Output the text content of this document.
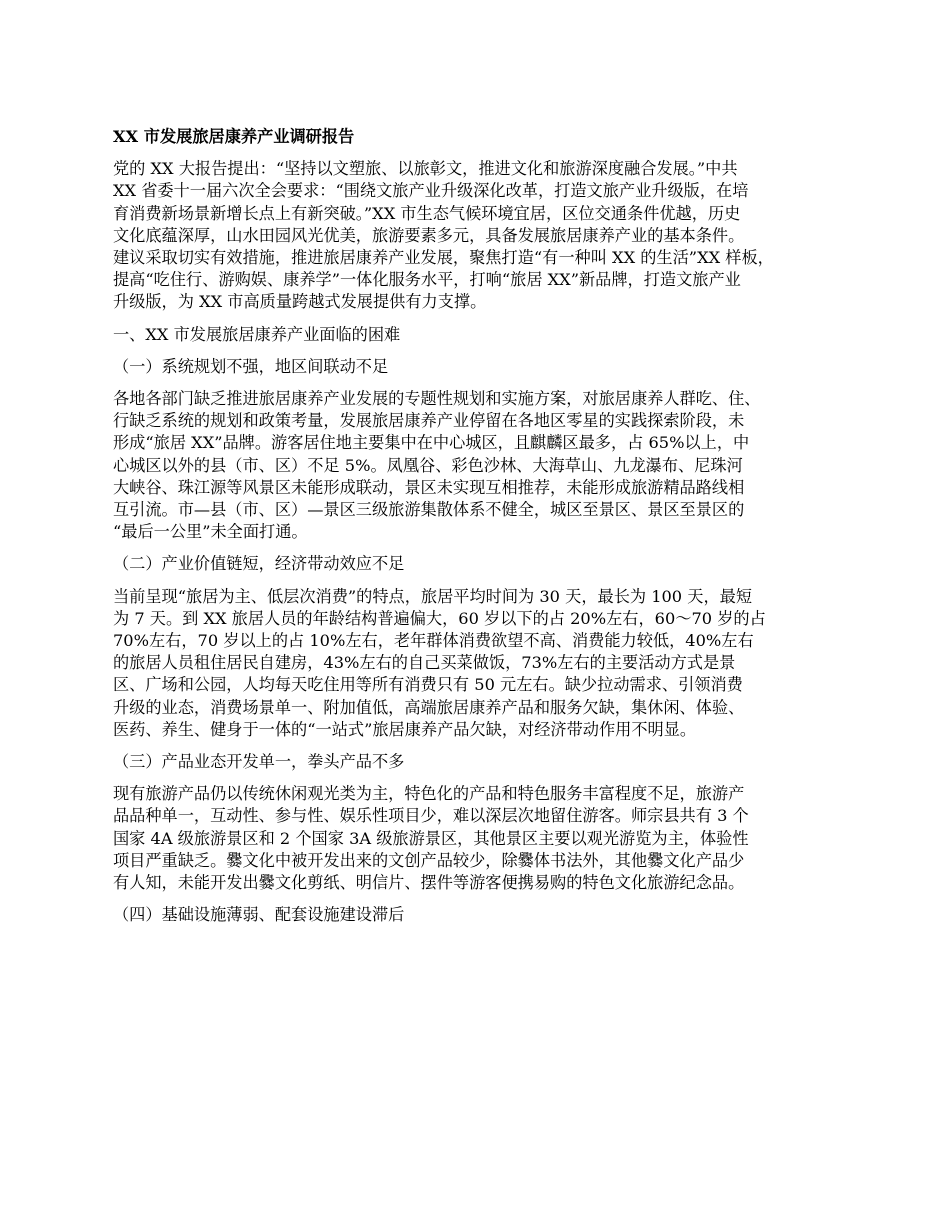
XX 市发展旅居康养产业调研报告
党的 XX 大报告提出：“坚持以文塑旅、以旅彰文，推进文化和旅游深度融合发展。”中共
XX 省委十一届六次全会要求：“围绕文旅产业升级深化改革，打造文旅产业升级版，在培
育消费新场景新增长点上有新突破。”XX 市生态气候环境宜居，区位交通条件优越，历史
文化底蕴深厚，山水田园风光优美，旅游要素多元，具备发展旅居康养产业的基本条件。
建议采取切实有效措施，推进旅居康养产业发展，聚焦打造“有一种叫 XX 的生活”XX 样板，
提高“吃住行、游购娱、康养学”一体化服务水平，打响“旅居 XX”新品牌，打造文旅产业
升级版，为 XX 市高质量跨越式发展提供有力支撑。
一、XX 市发展旅居康养产业面临的困难
（一）系统规划不强，地区间联动不足
各地各部门缺乏推进旅居康养产业发展的专题性规划和实施方案，对旅居康养人群吃、住、
行缺乏系统的规划和政策考量，发展旅居康养产业停留在各地区零星的实践探索阶段，未
形成“旅居 XX”品牌。游客居住地主要集中在中心城区，且麒麟区最多，占 65%以上，中
心城区以外的县（市、区）不足 5%。凤凰谷、彩色沙林、大海草山、九龙瀑布、尼珠河
大峡谷、珠江源等风景区未能形成联动，景区未实现互相推荐，未能形成旅游精品路线相
互引流。市—县（市、区）—景区三级旅游集散体系不健全，城区至景区、景区至景区的
“最后一公里”未全面打通。
（二）产业价值链短，经济带动效应不足
当前呈现“旅居为主、低层次消费”的特点，旅居平均时间为 30 天，最长为 100 天，最短
为 7 天。到 XX 旅居人员的年龄结构普遍偏大，60 岁以下的占 20%左右，60～70 岁的占
70%左右，70 岁以上的占 10%左右，老年群体消费欲望不高、消费能力较低，40%左右
的旅居人员租住居民自建房，43%左右的自己买菜做饭，73%左右的主要活动方式是景
区、广场和公园，人均每天吃住用等所有消费只有 50 元左右。缺少拉动需求、引领消费
升级的业态，消费场景单一、附加值低，高端旅居康养产品和服务欠缺，集休闲、体验、
医药、养生、健身于一体的“一站式”旅居康养产品欠缺，对经济带动作用不明显。
（三）产品业态开发单一，拳头产品不多
现有旅游产品仍以传统休闲观光类为主，特色化的产品和特色服务丰富程度不足，旅游产
品品种单一，互动性、参与性、娱乐性项目少，难以深层次地留住游客。师宗县共有 3 个
国家 4A 级旅游景区和 2 个国家 3A 级旅游景区，其他景区主要以观光游览为主，体验性
项目严重缺乏。爨文化中被开发出来的文创产品较少，除爨体书法外，其他爨文化产品少
有人知，未能开发出爨文化剪纸、明信片、摆件等游客便携易购的特色文化旅游纪念品。
（四）基础设施薄弱、配套设施建设滞后
